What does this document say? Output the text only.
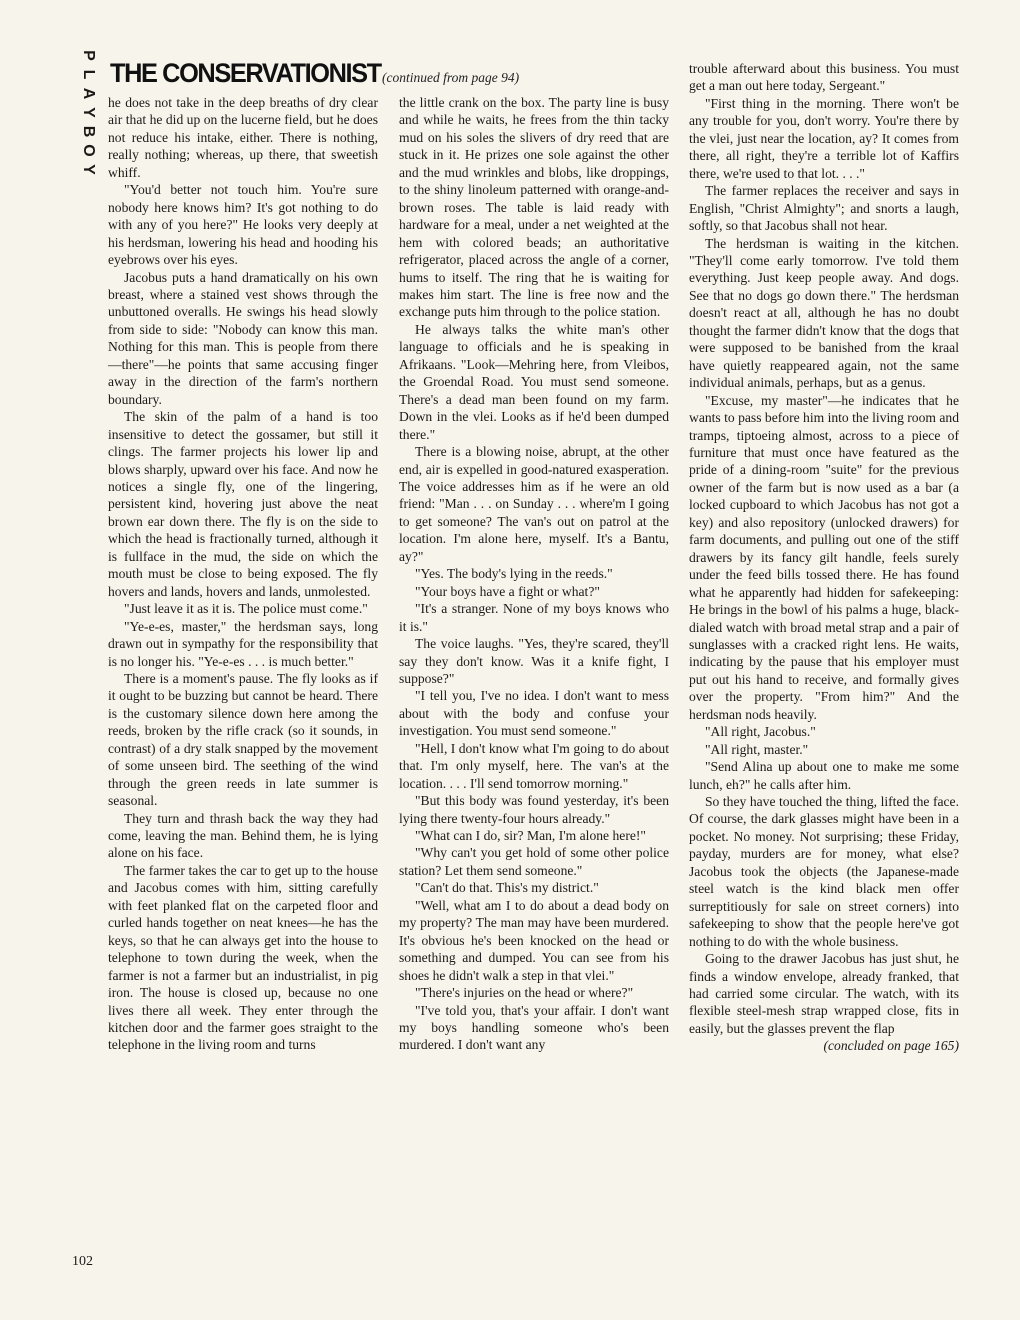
P
L
A
Y
B
O
Y
THE CONSERVATIONIST (continued from page 94)

he does not take in the deep breaths of dry clear air that he did up on the lucerne field, but he does not reduce his intake, either. There is nothing, really nothing; whereas, up there, that sweetish whiff.

"You'd better not touch him. You're sure nobody here knows him? It's got nothing to do with any of you here?" He looks very deeply at his herdsman, lowering his head and hooding his eyebrows over his eyes.

Jacobus puts a hand dramatically on his own breast, where a stained vest shows through the unbuttoned overalls. He swings his head slowly from side to side: "Nobody can know this man. Nothing for this man. This is people from there—there"—he points that same accusing finger away in the direction of the farm's northern boundary.

The skin of the palm of a hand is too insensitive to detect the gossamer, but still it clings. The farmer projects his lower lip and blows sharply, upward over his face. And now he notices a single fly, one of the lingering, persistent kind, hovering just above the neat brown ear down there. The fly is on the side to which the head is fractionally turned, although it is fullface in the mud, the side on which the mouth must be close to being exposed. The fly hovers and lands, hovers and lands, unmolested.

"Just leave it as it is. The police must come."

"Ye-e-es, master," the herdsman says, long drawn out in sympathy for the responsibility that is no longer his. "Ye-e-es . . . is much better."

There is a moment's pause. The fly looks as if it ought to be buzzing but cannot be heard. There is the customary silence down here among the reeds, broken by the rifle crack (so it sounds, in contrast) of a dry stalk snapped by the movement of some unseen bird. The seething of the wind through the green reeds in late summer is seasonal.

They turn and thrash back the way they had come, leaving the man. Behind them, he is lying alone on his face.

The farmer takes the car to get up to the house and Jacobus comes with him, sitting carefully with feet planked flat on the carpeted floor and curled hands together on neat knees—he has the keys, so that he can always get into the house to telephone to town during the week, when the farmer is not a farmer but an industrialist, in pig iron. The house is closed up, because no one lives there all week. They enter through the kitchen door and the farmer goes straight to the telephone in the living room and turns

the little crank on the box. The party line is busy and while he waits, he frees from the thin tacky mud on his soles the slivers of dry reed that are stuck in it. He prizes one sole against the other and the mud wrinkles and blobs, like droppings, to the shiny linoleum patterned with orange-and-brown roses. The table is laid ready with hardware for a meal, under a net weighted at the hem with colored beads; an authoritative refrigerator, placed across the angle of a corner, hums to itself. The ring that he is waiting for makes him start. The line is free now and the exchange puts him through to the police station.

He always talks the white man's other language to officials and he is speaking in Afrikaans. "Look—Mehring here, from Vleibos, the Groendal Road. You must send someone. There's a dead man been found on my farm. Down in the vlei. Looks as if he'd been dumped there."

There is a blowing noise, abrupt, at the other end, air is expelled in good-natured exasperation. The voice addresses him as if he were an old friend: "Man . . . on Sunday . . . where'm I going to get someone? The van's out on patrol at the location. I'm alone here, myself. It's a Bantu, ay?"

"Yes. The body's lying in the reeds."

"Your boys have a fight or what?"

"It's a stranger. None of my boys knows who it is."

The voice laughs. "Yes, they're scared, they'll say they don't know. Was it a knife fight, I suppose?"

"I tell you, I've no idea. I don't want to mess about with the body and confuse your investigation. You must send someone."

"Hell, I don't know what I'm going to do about that. I'm only myself, here. The van's at the location. . . . I'll send tomorrow morning."

"But this body was found yesterday, it's been lying there twenty-four hours already."

"What can I do, sir? Man, I'm alone here!"

"Why can't you get hold of some other police station? Let them send someone."

"Can't do that. This's my district."

"Well, what am I to do about a dead body on my property? The man may have been murdered. It's obvious he's been knocked on the head or something and dumped. You can see from his shoes he didn't walk a step in that vlei."

"There's injuries on the head or where?"

"I've told you, that's your affair. I don't want my boys handling someone who's been murdered. I don't want any

trouble afterward about this business. You must get a man out here today, Sergeant."

"First thing in the morning. There won't be any trouble for you, don't worry. You're there by the vlei, just near the location, ay? It comes from there, all right, they're a terrible lot of Kaffirs there, we're used to that lot. . . ."

The farmer replaces the receiver and says in English, "Christ Almighty"; and snorts a laugh, softly, so that Jacobus shall not hear.

The herdsman is waiting in the kitchen. "They'll come early tomorrow. I've told them everything. Just keep people away. And dogs. See that no dogs go down there." The herdsman doesn't react at all, although he has no doubt thought the farmer didn't know that the dogs that were supposed to be banished from the kraal have quietly reappeared again, not the same individual animals, perhaps, but as a genus.

"Excuse, my master"—he indicates that he wants to pass before him into the living room and tramps, tiptoeing almost, across to a piece of furniture that must once have featured as the pride of a dining-room "suite" for the previous owner of the farm but is now used as a bar (a locked cupboard to which Jacobus has not got a key) and also repository (unlocked drawers) for farm documents, and pulling out one of the stiff drawers by its fancy gilt handle, feels surely under the feed bills tossed there. He has found what he apparently had hidden for safekeeping: He brings in the bowl of his palms a huge, black-dialed watch with broad metal strap and a pair of sunglasses with a cracked right lens. He waits, indicating by the pause that his employer must put out his hand to receive, and formally gives over the property. "From him?" And the herdsman nods heavily.

"All right, Jacobus."

"All right, master."

"Send Alina up about one to make me some lunch, eh?" he calls after him.

So they have touched the thing, lifted the face. Of course, the dark glasses might have been in a pocket. No money. Not surprising; these Friday, payday, murders are for money, what else? Jacobus took the objects (the Japanese-made steel watch is the kind black men offer surreptitiously for sale on street corners) into safekeeping to show that the people here've got nothing to do with the whole business.

Going to the drawer Jacobus has just shut, he finds a window envelope, already franked, that had carried some circular. The watch, with its flexible steel-mesh strap wrapped close, fits in easily, but the glasses prevent the flap

(concluded on page 165)

102
